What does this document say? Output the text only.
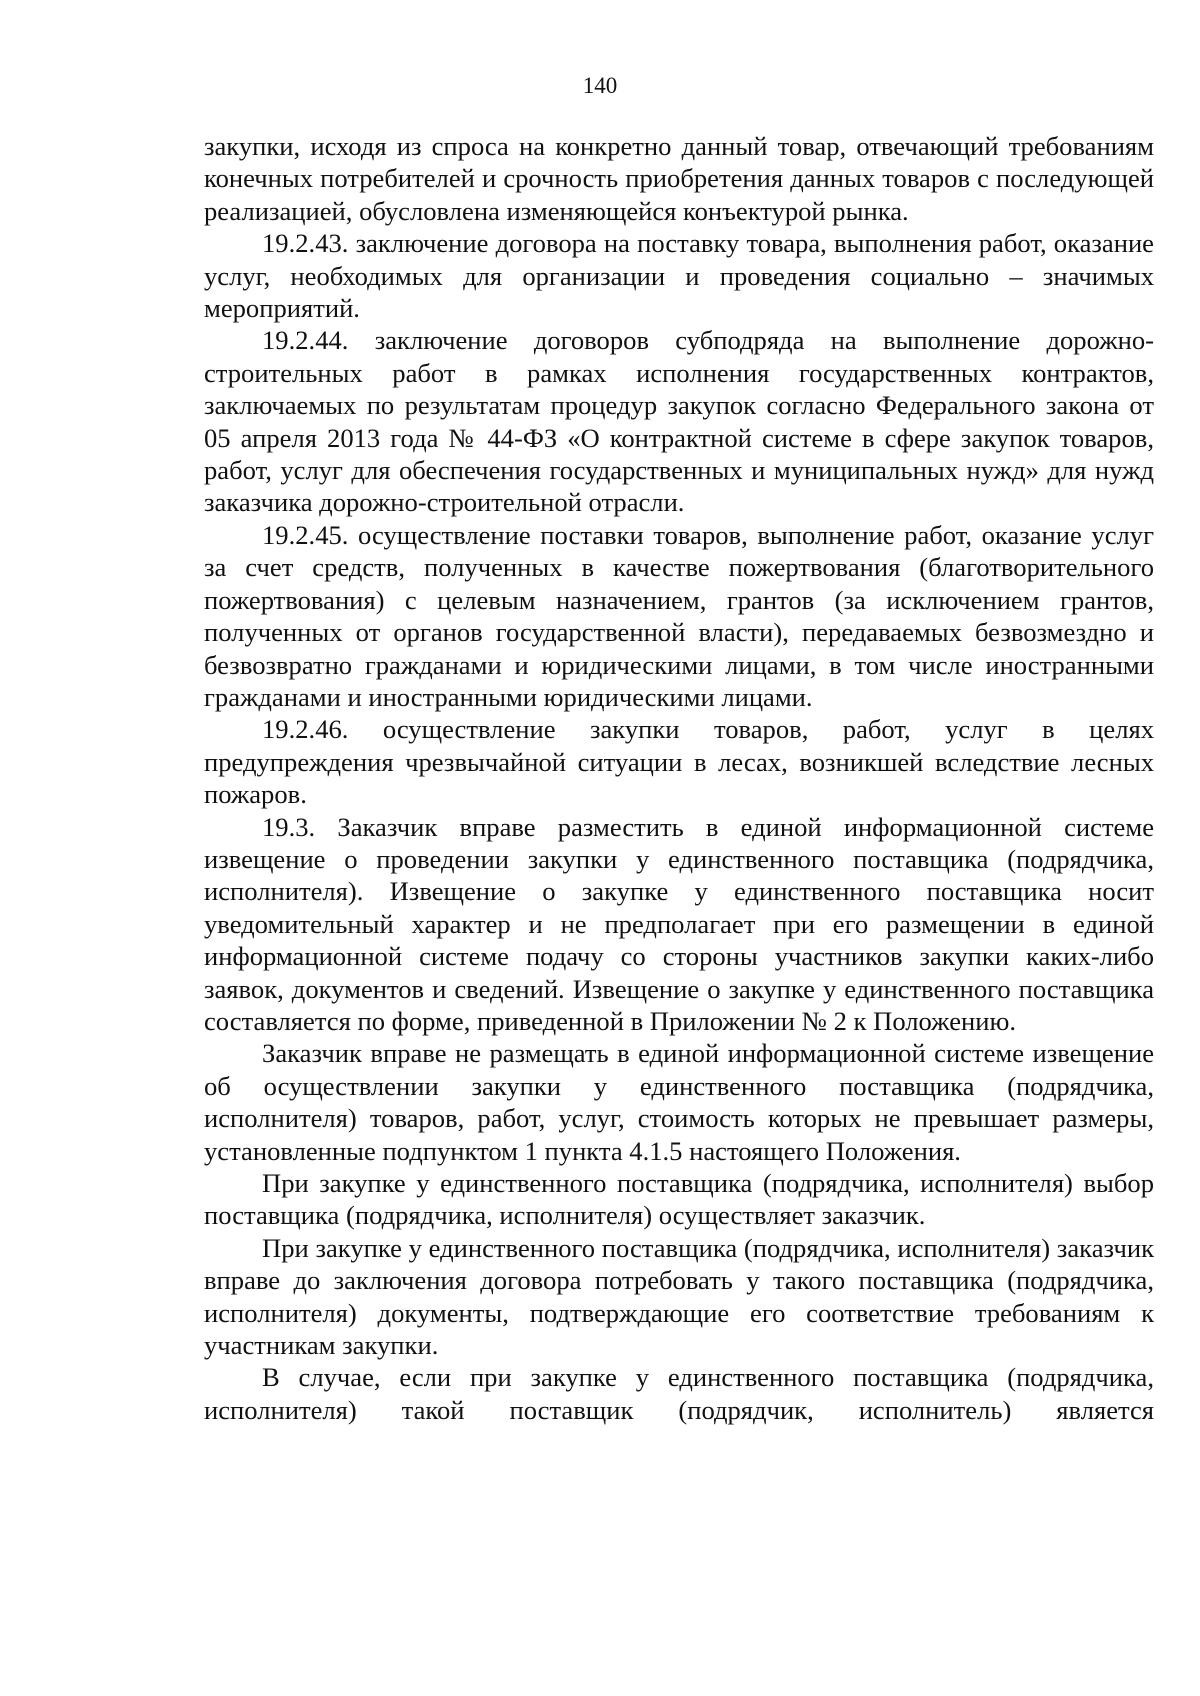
140

закупки, исходя из спроса на конкретно данный товар, отвечающий требованиям конечных потребителей и срочность приобретения данных товаров с последующей реализацией, обусловлена изменяющейся конъектурой рынка.

19.2.43. заключение договора на поставку товара, выполнения работ, оказание услуг, необходимых для организации и проведения социально – значимых мероприятий.

19.2.44. заключение договоров субподряда на выполнение дорожно-строительных работ в рамках исполнения государственных контрактов, заключаемых по результатам процедур закупок согласно Федерального закона от 05 апреля 2013 года № 44-ФЗ «О контрактной системе в сфере закупок товаров, работ, услуг для обеспечения государственных и муниципальных нужд» для нужд заказчика дорожно-строительной отрасли.

19.2.45. осуществление поставки товаров, выполнение работ, оказание услуг за счет средств, полученных в качестве пожертвования (благотворительного пожертвования) с целевым назначением, грантов (за исключением грантов, полученных от органов государственной власти), передаваемых безвозмездно и безвозвратно гражданами и юридическими лицами, в том числе иностранными гражданами и иностранными юридическими лицами.

19.2.46. осуществление закупки товаров, работ, услуг в целях предупреждения чрезвычайной ситуации в лесах, возникшей вследствие лесных пожаров.

19.3. Заказчик вправе разместить в единой информационной системе извещение о проведении закупки у единственного поставщика (подрядчика, исполнителя). Извещение о закупке у единственного поставщика носит уведомительный характер и не предполагает при его размещении в единой информационной системе подачу со стороны участников закупки каких-либо заявок, документов и сведений. Извещение о закупке у единственного поставщика составляется по форме, приведенной в Приложении № 2 к Положению.

Заказчик вправе не размещать в единой информационной системе извещение об осуществлении закупки у единственного поставщика (подрядчика, исполнителя) товаров, работ, услуг, стоимость которых не превышает размеры, установленные подпунктом 1 пункта 4.1.5 настоящего Положения.

При закупке у единственного поставщика (подрядчика, исполнителя) выбор поставщика (подрядчика, исполнителя) осуществляет заказчик.

При закупке у единственного поставщика (подрядчика, исполнителя) заказчик вправе до заключения договора потребовать у такого поставщика (подрядчика, исполнителя) документы, подтверждающие его соответствие требованиям к участникам закупки.

В случае, если при закупке у единственного поставщика (подрядчика, исполнителя) такой поставщик (подрядчик, исполнитель) является
